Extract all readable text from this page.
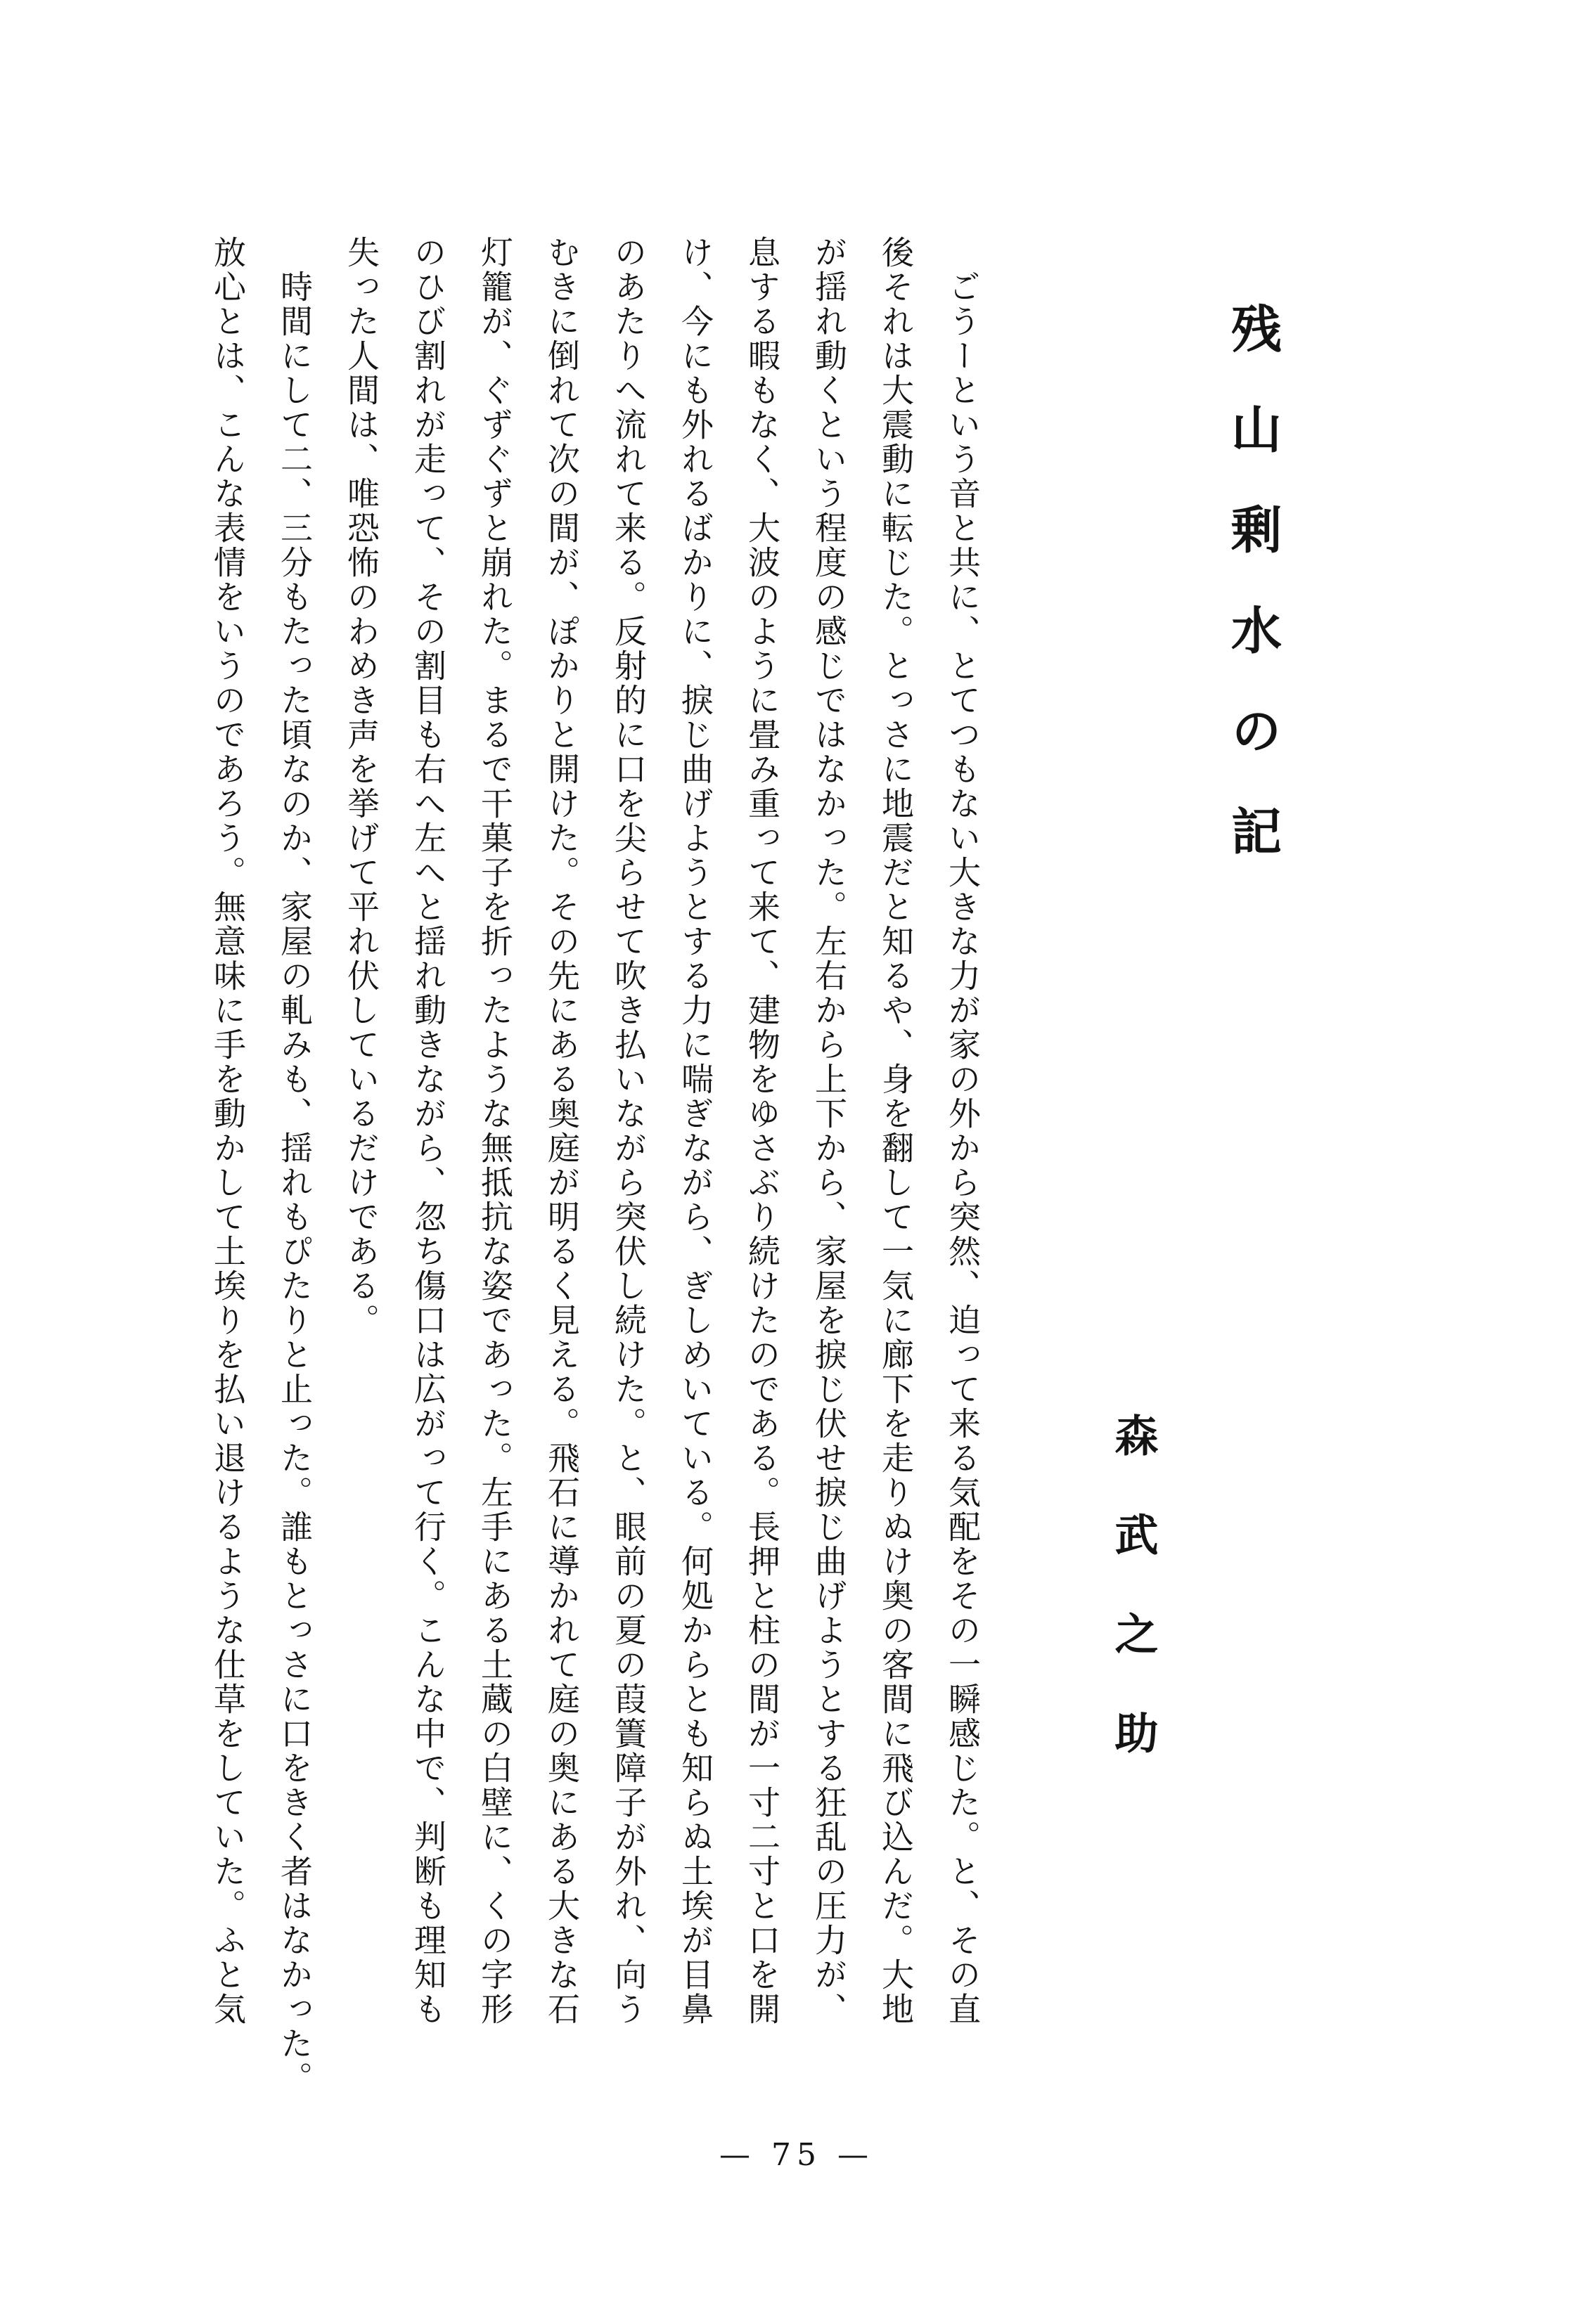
残山剰水の記
森武之助
ごうーという音と共に、とてつもない大きな力が家の外から突然、迫って来る気配をその一瞬感じた。と、その直
後それは大震動に転じた。とっさに地震だと知るや、身を翻して一気に廊下を走りぬけ奥の客間に飛び込んだ。大地
が揺れ動くという程度の感じではなかった。左右から上下から、家屋を捩じ伏せ捩じ曲げようとする狂乱の圧力が、
息する暇もなく、大波のように畳み重って来て、建物をゆさぶり続けたのである。長押と柱の間が一寸二寸と口を開
け、今にも外れるばかりに、捩じ曲げようとする力に喘ぎながら、ぎしめいている。何処からとも知らぬ土埃が目鼻
のあたりへ流れて来る。反射的に口を尖らせて吹き払いながら突伏し続けた。と、眼前の夏の葭簀障子が外れ、向う
むきに倒れて次の間が、ぽかりと開けた。その先にある奥庭が明るく見える。飛石に導かれて庭の奥にある大きな石
灯籠が、ぐずぐずと崩れた。まるで干菓子を折ったような無抵抗な姿であった。左手にある土蔵の白壁に、くの字形
のひび割れが走って、その割目も右へ左へと揺れ動きながら、忽ち傷口は広がって行く。こんな中で、判断も理知も
失った人間は、唯恐怖のわめき声を挙げて平れ伏しているだけである。
時間にして二、三分もたった頃なのか、家屋の軋みも、揺れもぴたりと止った。誰もとっさに口をきく者はなかった。
放心とは、こんな表情をいうのであろう。無意味に手を動かして土埃りを払い退けるような仕草をしていた。ふと気
— 75 —
